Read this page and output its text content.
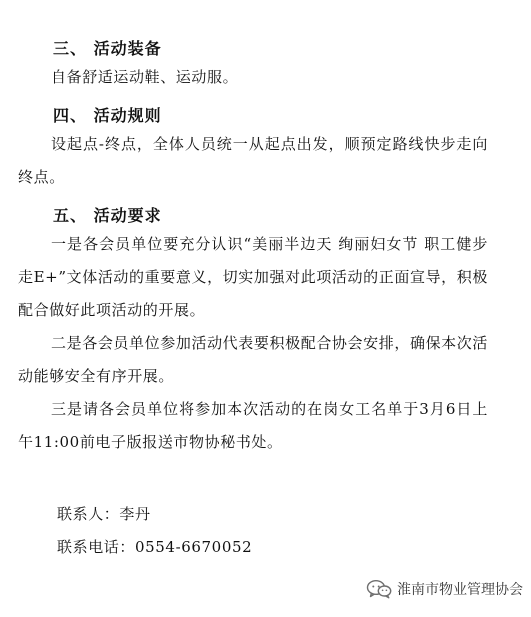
三、 活动装备
自备舒适运动鞋、运动服。
四、 活动规则
设起点-终点，全体人员统一从起点出发，顺预定路线快步走向终点。
五、 活动要求
一是各会员单位要充分认识“美丽半边天 绚丽妇女节 职工健步走E+”文体活动的重要意义，切实加强对此项活动的正面宣导，积极配合做好此项活动的开展。
二是各会员单位参加活动代表要积极配合协会安排，确保本次活动能够安全有序开展。
三是请各会员单位将参加本次活动的在岗女工名单于3月6日上午11:00前电子版报送市物协秘书处。
联系人：李丹
联系电话：0554-6670052
淮南市物业管理协会
